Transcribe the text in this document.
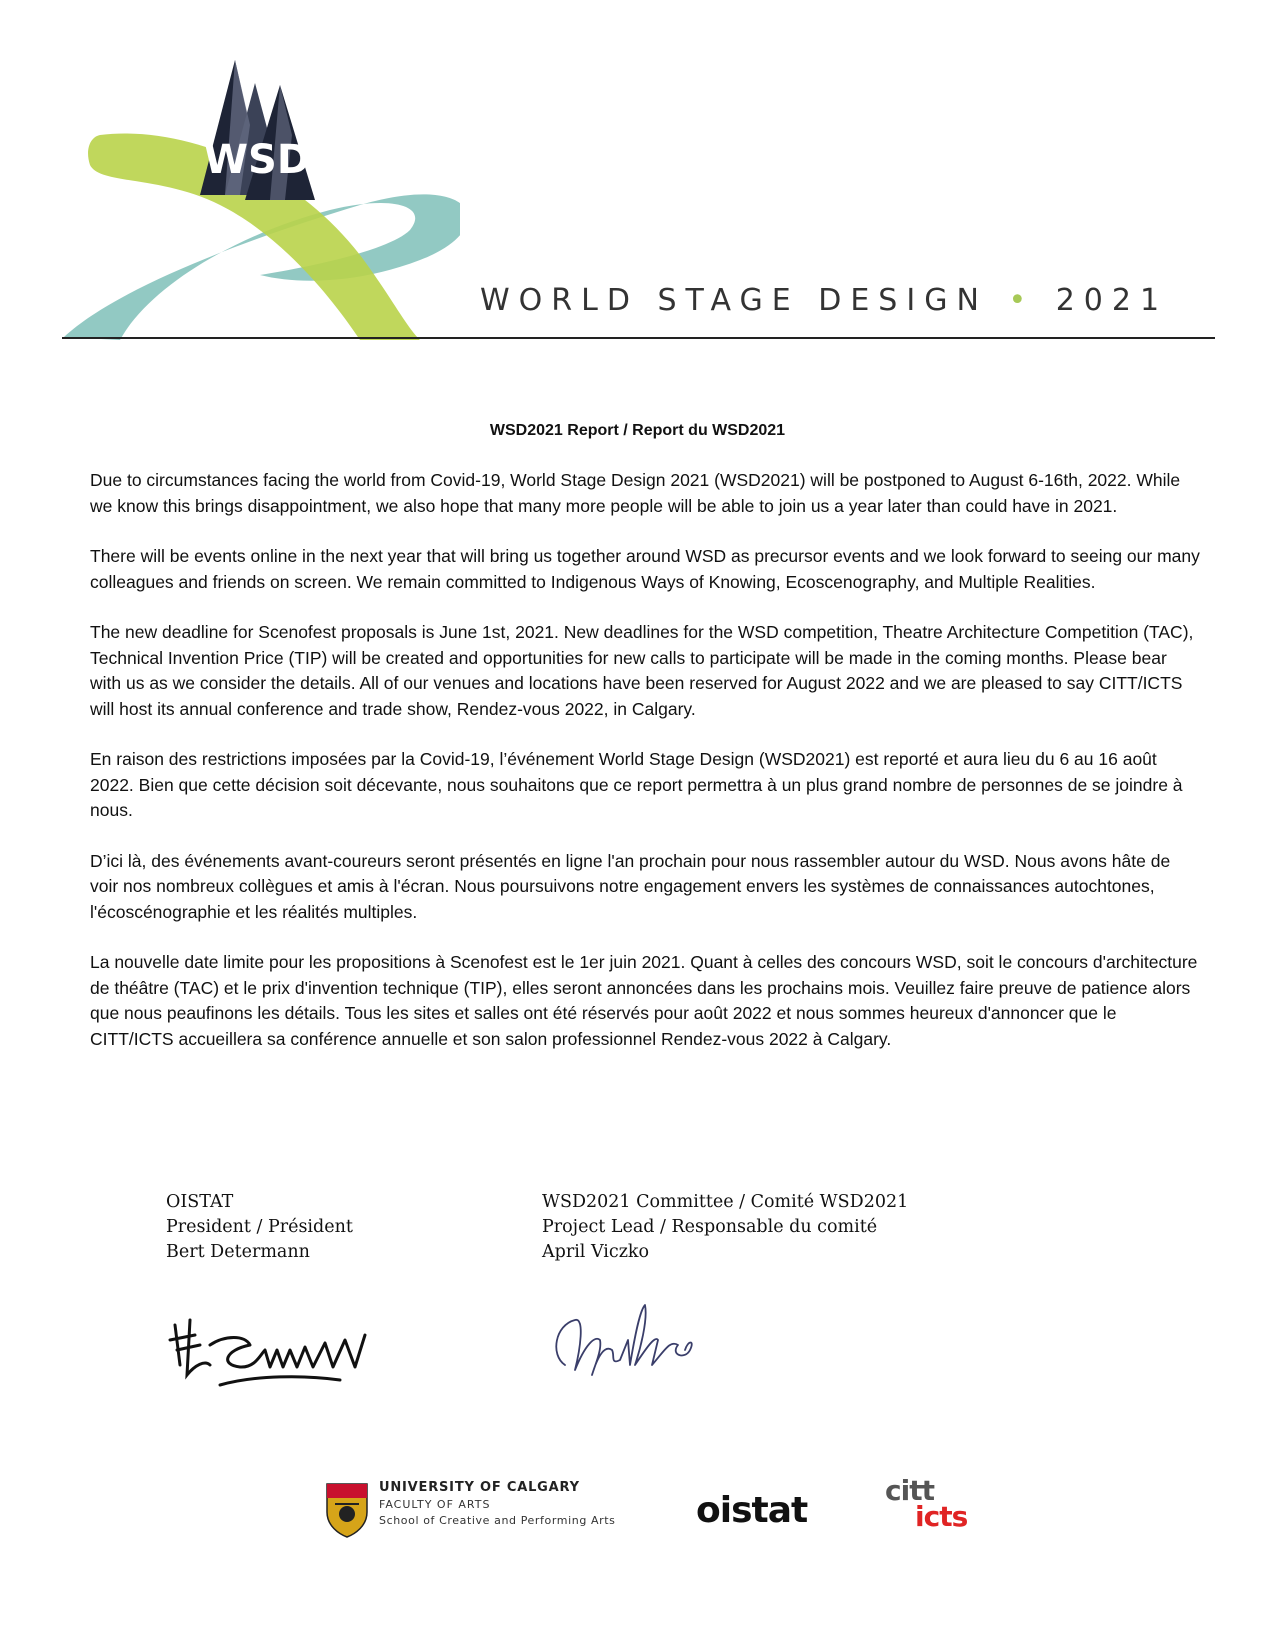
WSD
WORLD STAGE DESIGN • 2021
WSD2021 Report / Report du WSD2021

Due to circumstances facing the world from Covid-19, World Stage Design 2021 (WSD2021) will be postponed to August 6-16th, 2022. While we know this brings disappointment, we also hope that many more people will be able to join us a year later than could have in 2021.

There will be events online in the next year that will bring us together around WSD as precursor events and we look forward to seeing our many colleagues and friends on screen. We remain committed to Indigenous Ways of Knowing, Ecoscenography, and Multiple Realities.

The new deadline for Scenofest proposals is June 1st, 2021. New deadlines for the WSD competition, Theatre Architecture Competition (TAC), Technical Invention Price (TIP) will be created and opportunities for new calls to participate will be made in the coming months. Please bear with us as we consider the details. All of our venues and locations have been reserved for August 2022 and we are pleased to say CITT/ICTS will host its annual conference and trade show, Rendez-vous 2022, in Calgary.

En raison des restrictions imposées par la Covid-19, l’événement World Stage Design (WSD2021) est reporté et aura lieu du 6 au 16 août 2022. Bien que cette décision soit décevante, nous souhaitons que ce report permettra à un plus grand nombre de personnes de se joindre à nous.

D’ici là, des événements avant-coureurs seront présentés en ligne l'an prochain pour nous rassembler autour du WSD. Nous avons hâte de voir nos nombreux collègues et amis à l'écran. Nous poursuivons notre engagement envers les systèmes de connaissances autochtones, l'écoscénographie et les réalités multiples.

La nouvelle date limite pour les propositions à Scenofest est le 1er juin 2021. Quant à celles des concours WSD, soit le concours d'architecture de théâtre (TAC) et le prix d'invention technique (TIP), elles seront annoncées dans les prochains mois. Veuillez faire preuve de patience alors que nous peaufinons les détails. Tous les sites et salles ont été réservés pour août 2022 et nous sommes heureux d'annoncer que le CITT/ICTS accueillera sa conférence annuelle et son salon professionnel Rendez-vous 2022 à Calgary.

OISTAT
President / Président
Bert Determann
WSD2021 Committee / Comité WSD2021
Project Lead / Responsable du comité
April Viczko
UNIVERSITY OF CALGARY
FACULTY OF ARTS
School of Creative and Performing Arts oistat	citt
icts
